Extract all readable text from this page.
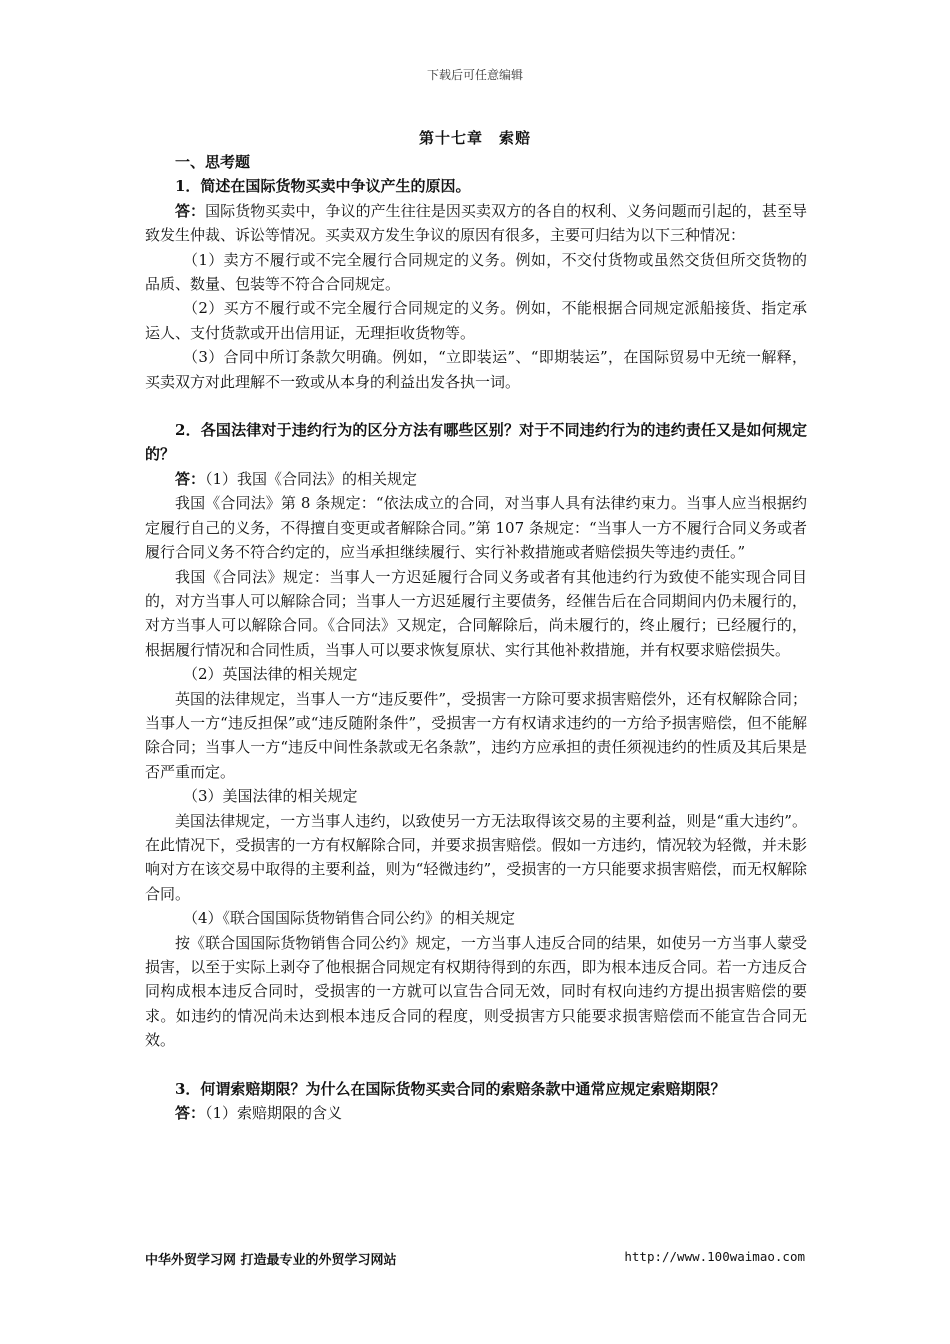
下载后可任意编辑
第十七章　索赔

一、思考题

1．简述在国际货物买卖中争议产生的原因。

答：国际货物买卖中，争议的产生往往是因买卖双方的各自的权利、义务问题而引起的，甚至导致发生仲裁、诉讼等情况。买卖双方发生争议的原因有很多，主要可归结为以下三种情况：

（1）卖方不履行或不完全履行合同规定的义务。例如，不交付货物或虽然交货但所交货物的品质、数量、包装等不符合合同规定。

（2）买方不履行或不完全履行合同规定的义务。例如，不能根据合同规定派船接货、指定承运人、支付货款或开出信用证，无理拒收货物等。

（3）合同中所订条款欠明确。例如，“立即装运”、“即期装运”，在国际贸易中无统一解释，买卖双方对此理解不一致或从本身的利益出发各执一词。

2．各国法律对于违约行为的区分方法有哪些区别？对于不同违约行为的违约责任又是如何规定的？

答：（1）我国《合同法》的相关规定

我国《合同法》第 8 条规定：“依法成立的合同，对当事人具有法律约束力。当事人应当根据约定履行自己的义务，不得擅自变更或者解除合同。”第 107 条规定：“当事人一方不履行合同义务或者履行合同义务不符合约定的，应当承担继续履行、实行补救措施或者赔偿损失等违约责任。”

我国《合同法》规定：当事人一方迟延履行合同义务或者有其他违约行为致使不能实现合同目的，对方当事人可以解除合同；当事人一方迟延履行主要债务，经催告后在合同期间内仍未履行的，对方当事人可以解除合同。《合同法》又规定，合同解除后，尚未履行的，终止履行；已经履行的，根据履行情况和合同性质，当事人可以要求恢复原状、实行其他补救措施，并有权要求赔偿损失。

（2）英国法律的相关规定

英国的法律规定，当事人一方“违反要件”，受损害一方除可要求损害赔偿外，还有权解除合同；当事人一方“违反担保”或“违反随附条件”，受损害一方有权请求违约的一方给予损害赔偿，但不能解除合同；当事人一方“违反中间性条款或无名条款”，违约方应承担的责任须视违约的性质及其后果是否严重而定。

（3）美国法律的相关规定

美国法律规定，一方当事人违约，以致使另一方无法取得该交易的主要利益，则是“重大违约”。在此情况下，受损害的一方有权解除合同，并要求损害赔偿。假如一方违约，情况较为轻微，并未影响对方在该交易中取得的主要利益，则为“轻微违约”，受损害的一方只能要求损害赔偿，而无权解除合同。

（4）《联合国国际货物销售合同公约》的相关规定

按《联合国国际货物销售合同公约》规定，一方当事人违反合同的结果，如使另一方当事人蒙受损害，以至于实际上剥夺了他根据合同规定有权期待得到的东西，即为根本违反合同。若一方违反合同构成根本违反合同时，受损害的一方就可以宣告合同无效，同时有权向违约方提出损害赔偿的要求。如违约的情况尚未达到根本违反合同的程度，则受损害方只能要求损害赔偿而不能宣告合同无效。

3．何谓索赔期限？为什么在国际货物买卖合同的索赔条款中通常应规定索赔期限？

答：（1）索赔期限的含义

中华外贸学习网 打造最专业的外贸学习网站	http://www.100waimao.com
